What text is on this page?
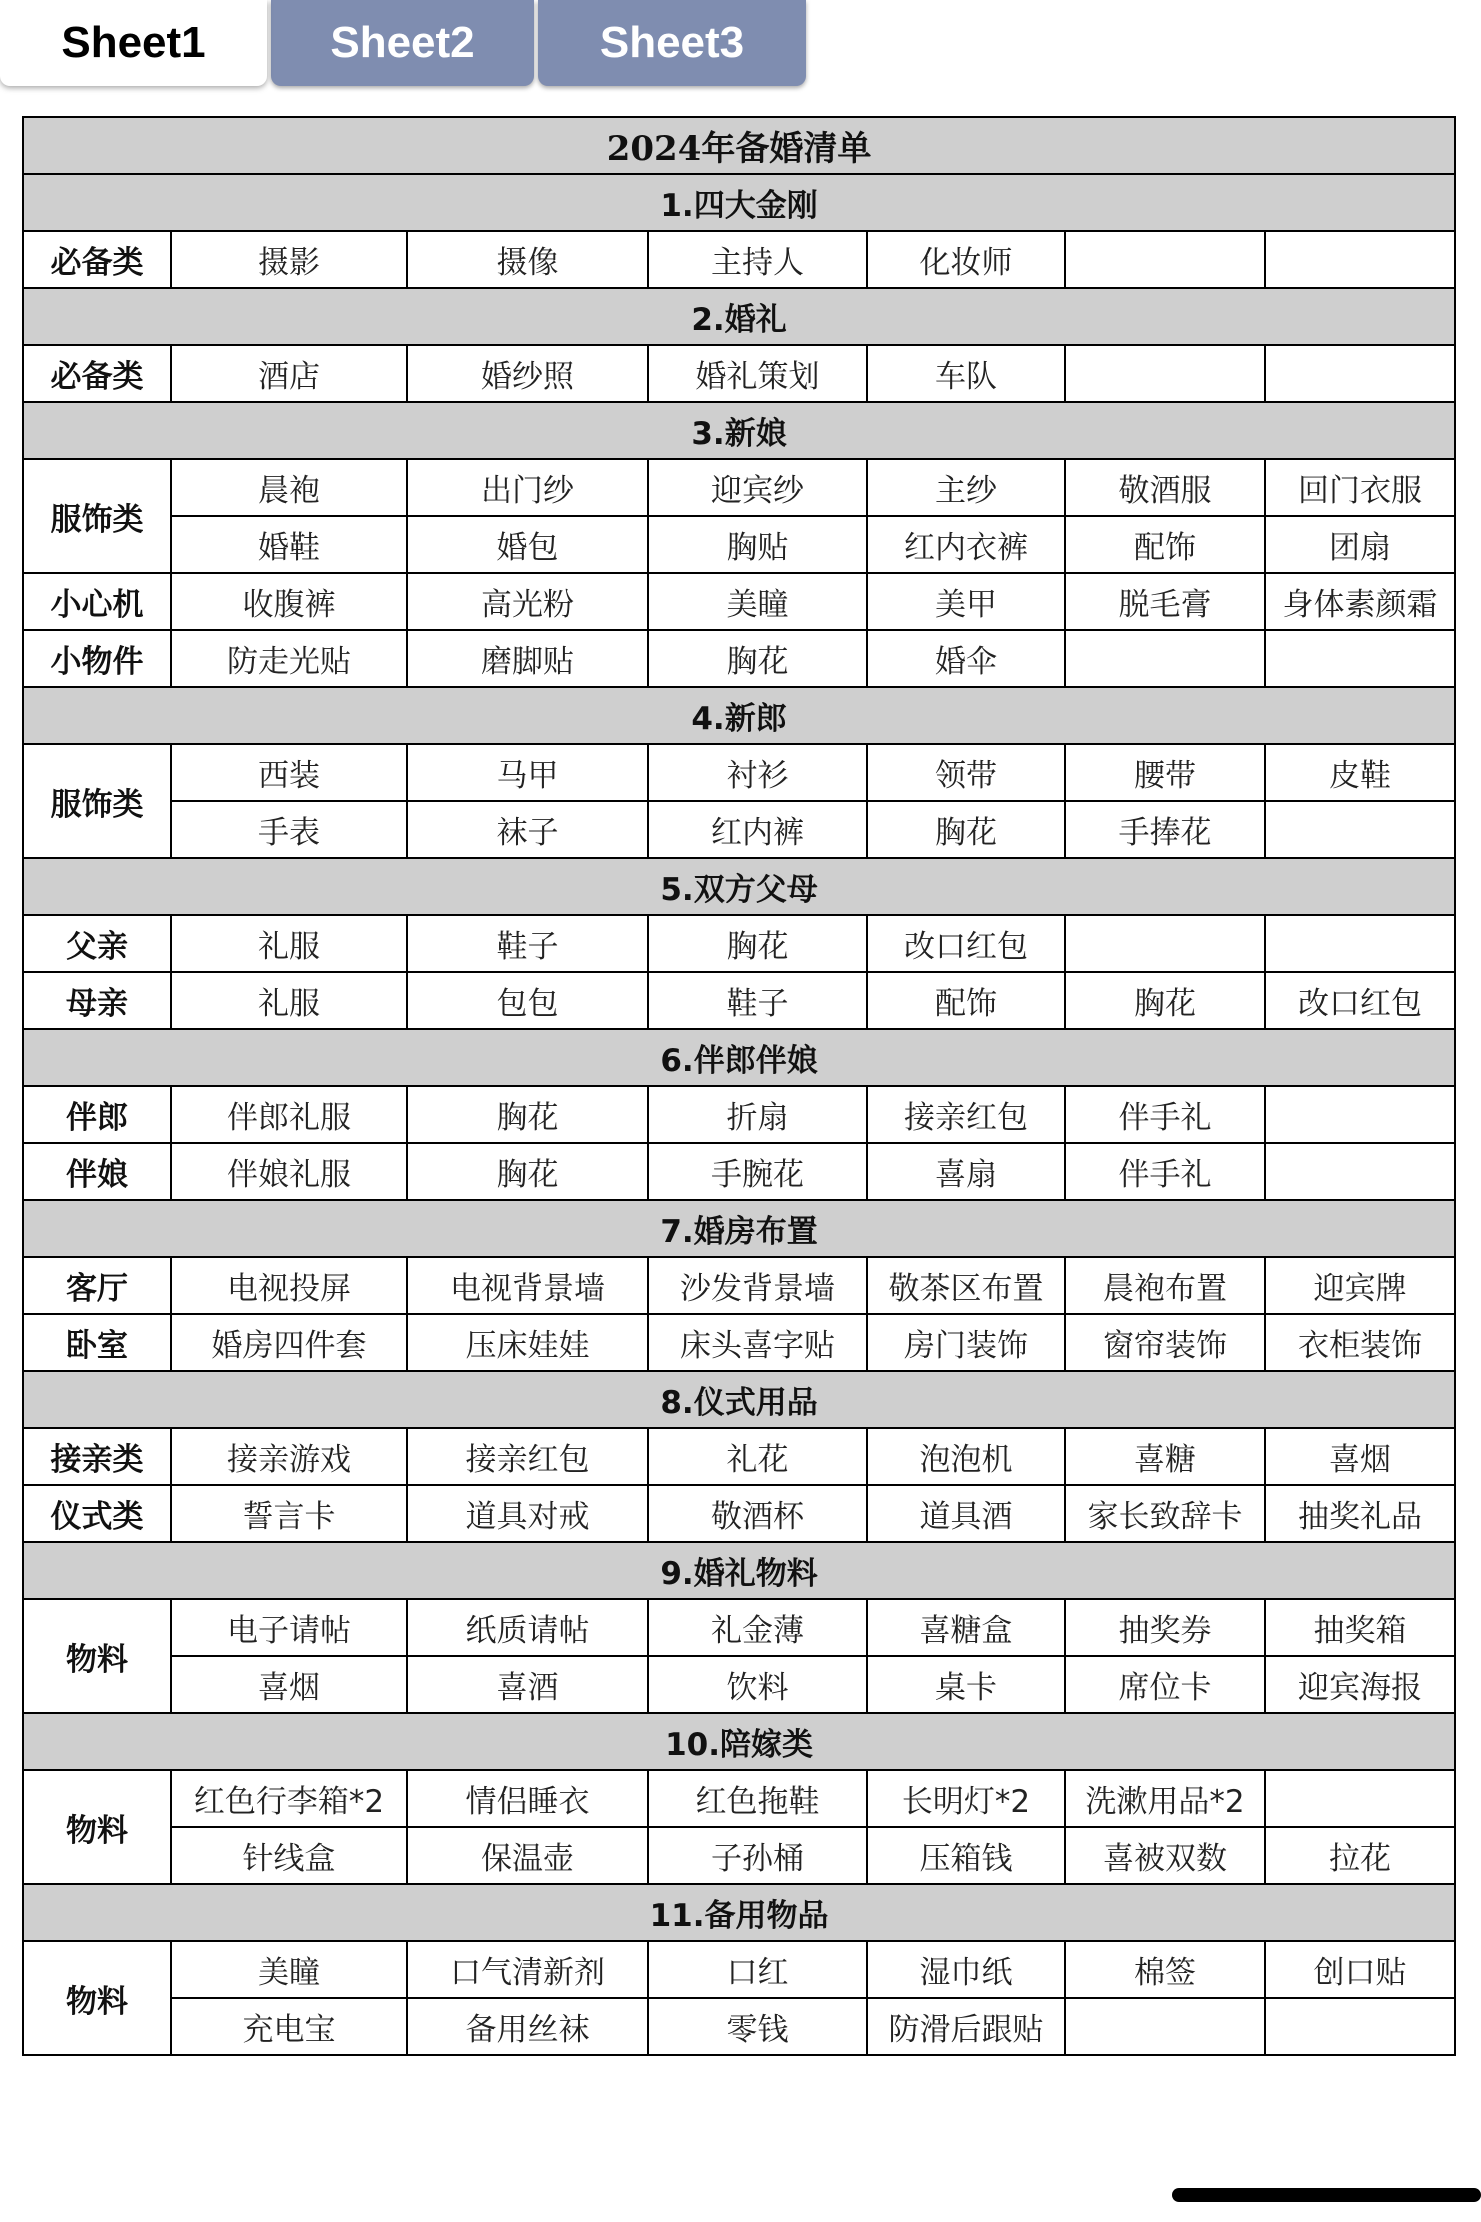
Sheet1	Sheet2	Sheet3
2024年备婚清单						
1.四大金刚						
必备类	摄影	摄像	主持人	化妆师		
2.婚礼						
必备类	酒店	婚纱照	婚礼策划	车队		
3.新娘						
服饰类	晨袍	出门纱	迎宾纱	主纱	敬酒服	回门衣服
	婚鞋	婚包	胸贴	红内衣裤	配饰	团扇
小心机	收腹裤	高光粉	美瞳	美甲	脱毛膏	身体素颜霜
小物件	防走光贴	磨脚贴	胸花	婚伞		
4.新郎						
服饰类	西装	马甲	衬衫	领带	腰带	皮鞋
	手表	袜子	红内裤	胸花	手捧花	
5.双方父母						
父亲	礼服	鞋子	胸花	改口红包		
母亲	礼服	包包	鞋子	配饰	胸花	改口红包
6.伴郎伴娘						
伴郎	伴郎礼服	胸花	折扇	接亲红包	伴手礼	
伴娘	伴娘礼服	胸花	手腕花	喜扇	伴手礼	
7.婚房布置						
客厅	电视投屏	电视背景墙	沙发背景墙	敬茶区布置	晨袍布置	迎宾牌
卧室	婚房四件套	压床娃娃	床头喜字贴	房门装饰	窗帘装饰	衣柜装饰
8.仪式用品						
接亲类	接亲游戏	接亲红包	礼花	泡泡机	喜糖	喜烟
仪式类	誓言卡	道具对戒	敬酒杯	道具酒	家长致辞卡	抽奖礼品
9.婚礼物料						
物料	电子请帖	纸质请帖	礼金薄	喜糖盒	抽奖券	抽奖箱
	喜烟	喜酒	饮料	桌卡	席位卡	迎宾海报
10.陪嫁类						
物料	红色行李箱*2	情侣睡衣	红色拖鞋	长明灯*2	洗漱用品*2	
	针线盒	保温壶	子孙桶	压箱钱	喜被双数	拉花
11.备用物品						
物料	美瞳	口气清新剂	口红	湿巾纸	棉签	创口贴
	充电宝	备用丝袜	零钱	防滑后跟贴		
